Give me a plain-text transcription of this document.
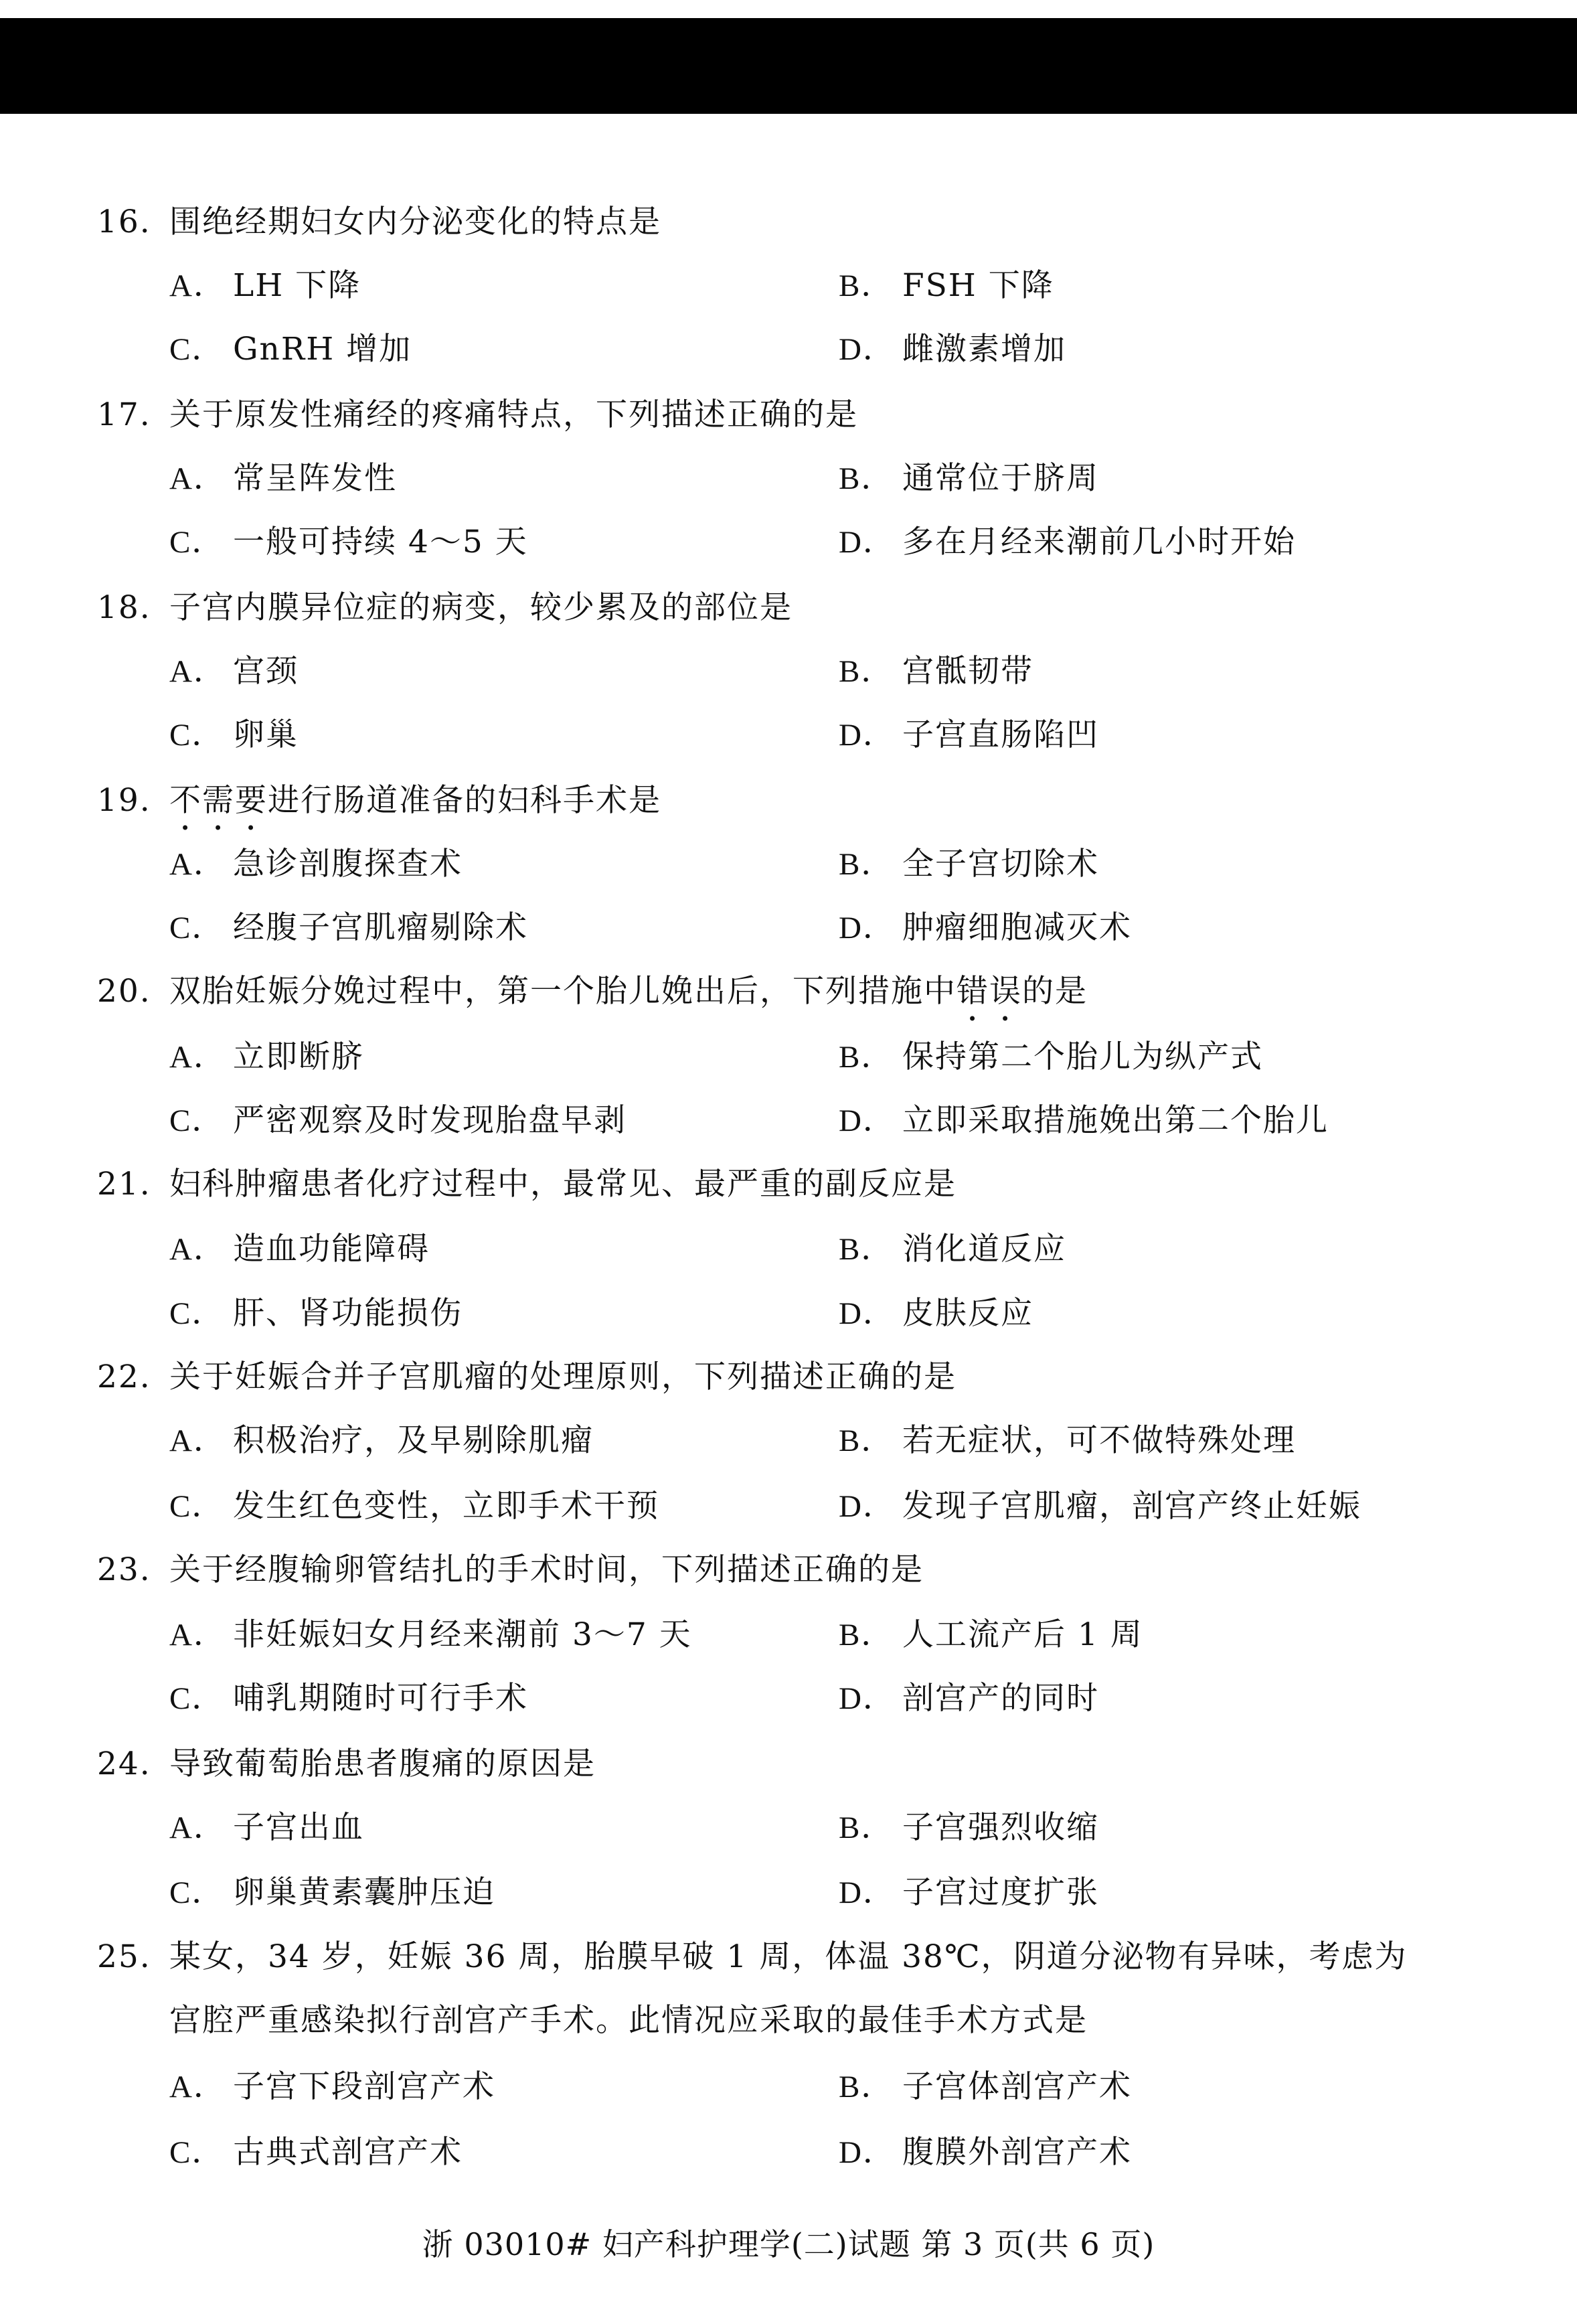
16. 围绝经期妇女内分泌变化的特点是
A． LH 下降	B． FSH 下降
C． GnRH 增加	D． 雌激素增加
17. 关于原发性痛经的疼痛特点，下列描述正确的是
A． 常呈阵发性	B． 通常位于脐周
C． 一般可持续 4～5 天	D． 多在月经来潮前几小时开始
18. 子宫内膜异位症的病变，较少累及的部位是
A． 宫颈	B． 宫骶韧带
C． 卵巢	D． 子宫直肠陷凹
19. 不需要进行肠道准备的妇科手术是
A． 急诊剖腹探查术	B． 全子宫切除术
C． 经腹子宫肌瘤剔除术	D． 肿瘤细胞减灭术
20. 双胎妊娠分娩过程中，第一个胎儿娩出后，下列措施中错误的是
A． 立即断脐	B． 保持第二个胎儿为纵产式
C． 严密观察及时发现胎盘早剥	D． 立即采取措施娩出第二个胎儿
21. 妇科肿瘤患者化疗过程中，最常见、最严重的副反应是
A． 造血功能障碍	B． 消化道反应
C． 肝、肾功能损伤	D． 皮肤反应
22. 关于妊娠合并子宫肌瘤的处理原则，下列描述正确的是
A． 积极治疗，及早剔除肌瘤	B． 若无症状，可不做特殊处理
C． 发生红色变性，立即手术干预	D． 发现子宫肌瘤，剖宫产终止妊娠
23. 关于经腹输卵管结扎的手术时间，下列描述正确的是
A． 非妊娠妇女月经来潮前 3～7 天	B． 人工流产后 1 周
C． 哺乳期随时可行手术	D． 剖宫产的同时
24. 导致葡萄胎患者腹痛的原因是
A． 子宫出血	B． 子宫强烈收缩
C． 卵巢黄素囊肿压迫	D． 子宫过度扩张
25. 某女，34 岁，妊娠 36 周，胎膜早破 1 周，体温 38℃，阴道分泌物有异味，考虑为
宫腔严重感染拟行剖宫产手术。此情况应采取的最佳手术方式是
A． 子宫下段剖宫产术	B． 子宫体剖宫产术
C． 古典式剖宫产术	D． 腹膜外剖宫产术
浙 03010# 妇产科护理学(二)试题 第 3 页(共 6 页)
